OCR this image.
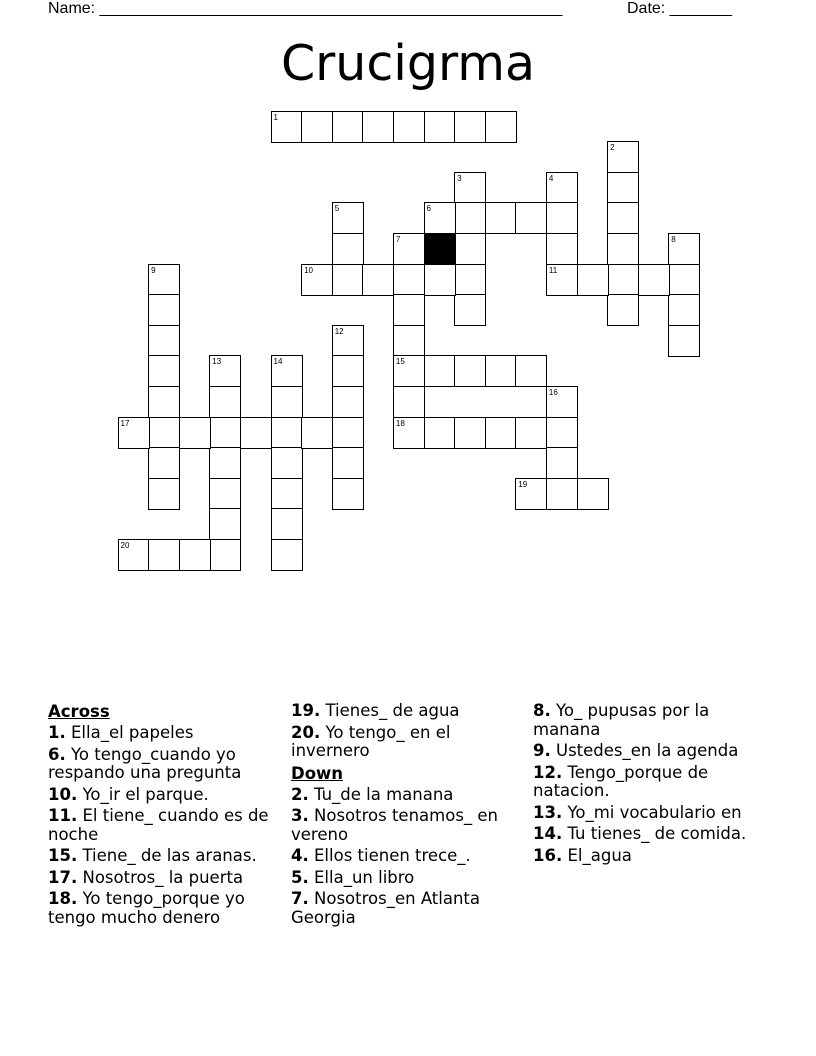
Name: ____________________________________________________	Date: _______
Crucigrma
1
2
3	4
11
5	6
7
15
18
8
9	10
12
13	14
16
17
19
20
Across
1. Ella_el papeles
6. Yo tengo_cuando yo respando una pregunta
10. Yo_ir el parque.
11. El tiene_ cuando es de noche
15. Tiene_ de las aranas.
17. Nosotros_ la puerta
18. Yo tengo_porque yo tengo mucho denero
19. Tienes_ de agua
20. Yo tengo_ en el invernero
Down
2. Tu_de la manana
3. Nosotros tenamos_ en vereno
4. Ellos tienen trece_.
5. Ella_un libro
7. Nosotros_en Atlanta Georgia
8. Yo_ pupusas por la manana
9. Ustedes_en la agenda
12. Tengo_porque de natacion.
13. Yo_mi vocabulario en
14. Tu tienes_ de comida.
16. El_agua
